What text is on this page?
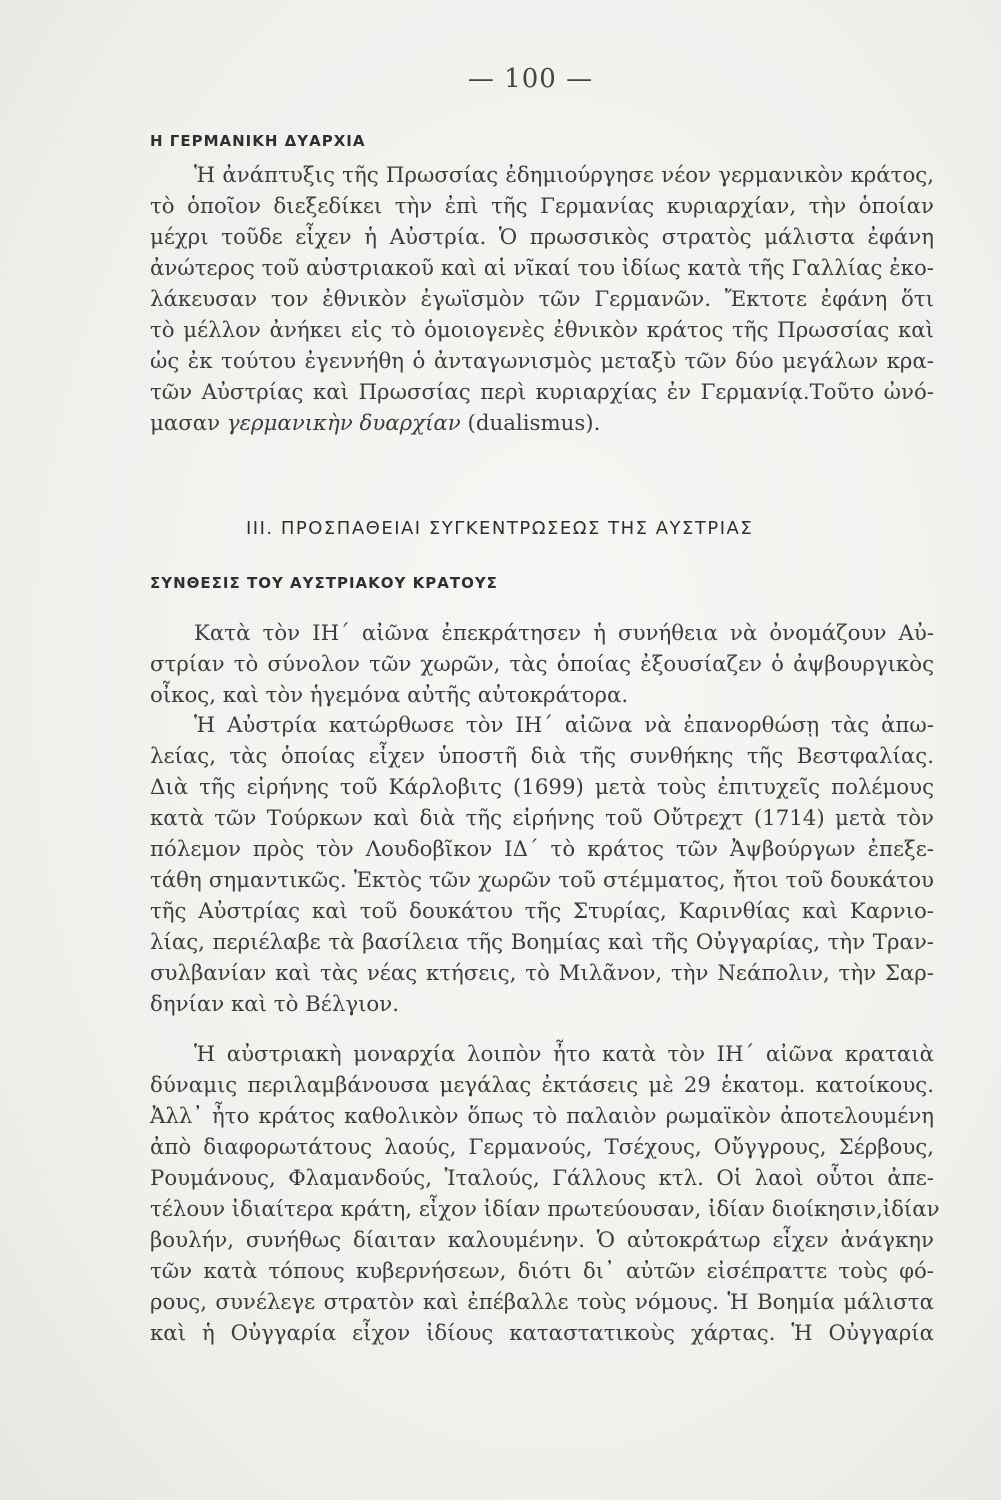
— 100 —
Η ΓΕΡΜΑΝΙΚΗ ΔΥΑΡΧΙΑ
Ἡ ἀνάπτυξις τῆς Πρωσσίας ἐδημιούργησε νέον γερμανικὸν κράτος,
τὸ ὁποῖον διεξεδίκει τὴν ἐπὶ τῆς Γερμανίας κυριαρχίαν, τὴν ὁποίαν
μέχρι τοῦδε εἶχεν ἡ Αὐστρία. Ὁ πρωσσικὸς στρατὸς μάλιστα ἐφάνη
ἀνώτερος τοῦ αὐστριακοῦ καὶ αἱ νῖκαί του ἰδίως κατὰ τῆς Γαλλίας ἐκο-
λάκευσαν τον ἐθνικὸν ἐγωϊσμὸν τῶν Γερμανῶν. Ἔκτοτε ἐφάνη ὅτι
τὸ μέλλον ἀνήκει εἰς τὸ ὁμοιογενὲς ἐθνικὸν κράτος τῆς Πρωσσίας καὶ
ὡς ἐκ τούτου ἐγεννήθη ὁ ἀνταγωνισμὸς μεταξὺ τῶν δύο μεγάλων κρα-
τῶν Αὐστρίας καὶ Πρωσσίας περὶ κυριαρχίας ἐν Γερμανίᾳ.Τοῦτο ὠνό-
μασαν γερμανικὴν δυαρχίαν (dualismus).
ΙΙΙ. ΠΡΟΣΠΑΘΕΙΑΙ ΣΥΓΚΕΝΤΡΩΣΕΩΣ ΤΗΣ ΑΥΣΤΡΙΑΣ
ΣΥΝΘΕΣΙΣ ΤΟΥ ΑΥΣΤΡΙΑΚΟΥ ΚΡΑΤΟΥΣ
Κατὰ τὸν ΙΗ΄ αἰῶνα ἐπεκράτησεν ἡ συνήθεια νὰ ὀνομάζουν Αὐ-
στρίαν τὸ σύνολον τῶν χωρῶν, τὰς ὁποίας ἐξουσίαζεν ὁ ἀψβουργικὸς
οἶκος, καὶ τὸν ἡγεμόνα αὐτῆς αὐτοκράτορα.
Ἡ Αὐστρία κατώρθωσε τὸν ΙΗ΄ αἰῶνα νὰ ἐπανορθώσῃ τὰς ἀπω-
λείας, τὰς ὁποίας εἶχεν ὑποστῆ διὰ τῆς συνθήκης τῆς Βεστφαλίας.
Διὰ τῆς εἰρήνης τοῦ Κάρλοβιτς (1699) μετὰ τοὺς ἐπιτυχεῖς πολέμους
κατὰ τῶν Τούρκων καὶ διὰ τῆς εἰρήνης τοῦ Οὔτρεχτ (1714) μετὰ τὸν
πόλεμον πρὸς τὸν Λουδοβῖκον ΙΔ΄ τὸ κράτος τῶν Ἀψβούργων ἐπεξε-
τάθη σημαντικῶς. Ἐκτὸς τῶν χωρῶν τοῦ στέμματος, ἤτοι τοῦ δουκάτου
τῆς Αὐστρίας καὶ τοῦ δουκάτου τῆς Στυρίας, Καρινθίας καὶ Καρνιο-
λίας, περιέλαβε τὰ βασίλεια τῆς Βοημίας καὶ τῆς Οὐγγαρίας, τὴν Τραν-
συλβανίαν καὶ τὰς νέας κτήσεις, τὸ Μιλᾶνον, τὴν Νεάπολιν, τὴν Σαρ-
δηνίαν καὶ τὸ Βέλγιον.
Ἡ αὐστριακὴ μοναρχία λοιπὸν ἦτο κατὰ τὸν ΙΗ΄ αἰῶνα κραταιὰ
δύναμις περιλαμβάνουσα μεγάλας ἐκτάσεις μὲ 29 ἑκατομ. κατοίκους.
Ἀλλ᾽ ἦτο κράτος καθολικὸν ὅπως τὸ παλαιὸν ρωμαϊκὸν ἀποτελουμένη
ἀπὸ διαφορωτάτους λαούς, Γερμανούς, Τσέχους, Οὔγγρους, Σέρβους,
Ρουμάνους, Φλαμανδούς, Ἰταλούς, Γάλλους κτλ. Οἱ λαοὶ οὗτοι ἀπε-
τέλουν ἰδιαίτερα κράτη, εἶχον ἰδίαν πρωτεύουσαν, ἰδίαν διοίκησιν,ἰδίαν
βουλήν, συνήθως δίαιταν καλουμένην. Ὁ αὐτοκράτωρ εἶχεν ἀνάγκην
τῶν κατὰ τόπους κυβερνήσεων, διότι δι᾽ αὐτῶν εἰσέπραττε τοὺς φό-
ρους, συνέλεγε στρατὸν καὶ ἐπέβαλλε τοὺς νόμους. Ἡ Βοημία μάλιστα
καὶ ἡ Οὐγγαρία εἶχον ἰδίους καταστατικοὺς χάρτας. Ἡ Οὐγγαρία
